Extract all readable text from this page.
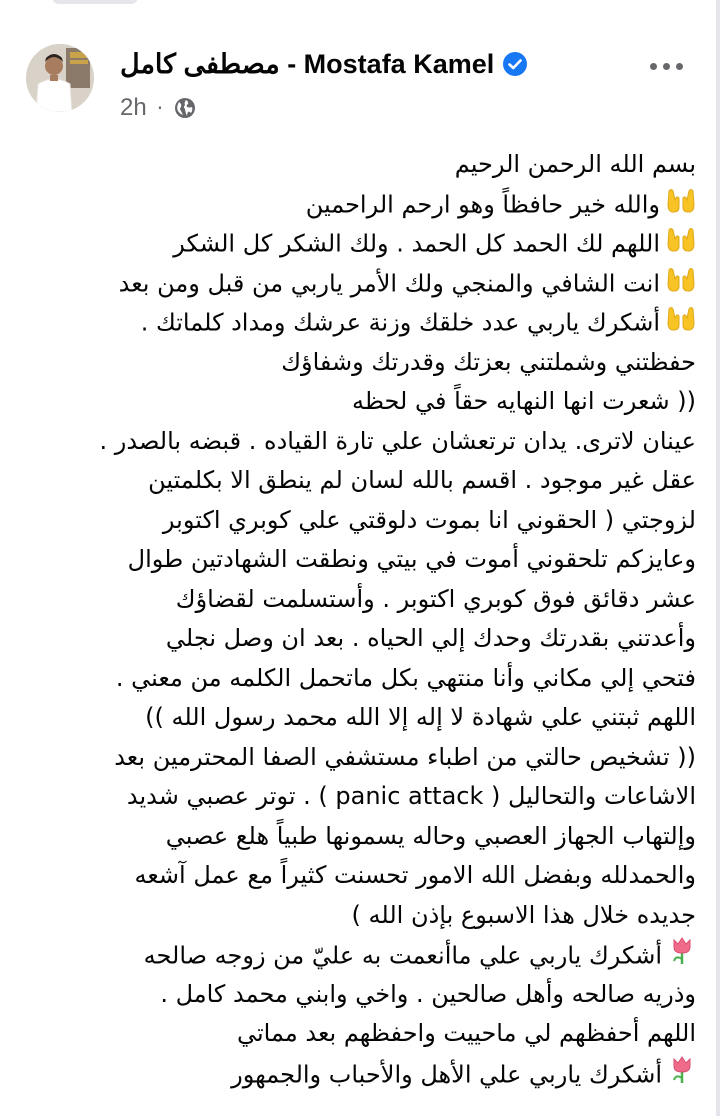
مصطفى كامل - Mostafa Kamel
2h ·
بسم الله الرحمن الرحيم
والله خير حافظاً وهو ارحم الراحمين
اللهم لك الحمد كل الحمد . ولك الشكر كل الشكر
انت الشافي والمنجي ولك الأمر ياربي من قبل ومن بعد
أشكرك ياربي عدد خلقك وزنة عرشك ومداد كلماتك .
حفظتني وشملتني بعزتك وقدرتك وشفاؤك
(( شعرت انها النهايه حقاً في لحظه
عينان لاترى. يدان ترتعشان علي تارة القياده . قبضه بالصدر .
عقل غير موجود . اقسم بالله لسان لم ينطق الا بكلمتين
لزوجتي ( الحقوني انا بموت دلوقتي علي كوبري اكتوبر
وعايزكم تلحقوني أموت في بيتي ونطقت الشهادتين طوال
عشر دقائق فوق كوبري اكتوبر . وأستسلمت لقضاؤك
وأعدتني بقدرتك وحدك إلي الحياه . بعد ان وصل نجلي
فتحي إلي مكاني وأنا منتهي بكل ماتحمل الكلمه من معني .
اللهم ثبتني علي شهادة لا إله إلا الله محمد رسول الله ))
(( تشخيص حالتي من اطباء مستشفي الصفا المحترمين بعد
الاشاعات والتحاليل ( panic attack ) . توتر عصبي شديد
وإلتهاب الجهاز العصبي وحاله يسمونها طبياً هلع عصبي
والحمدلله وبفضل الله الامور تحسنت كثيراً مع عمل آشعه
جديده خلال هذا الاسبوع بإذن الله )
أشكرك ياربي علي ماأنعمت به عليّ من زوجه صالحه
وذريه صالحه وأهل صالحين . واخي وابني محمد كامل .
اللهم أحفظهم لي ماحييت واحفظهم بعد مماتي
أشكرك ياربي علي الأهل والأحباب والجمهور
